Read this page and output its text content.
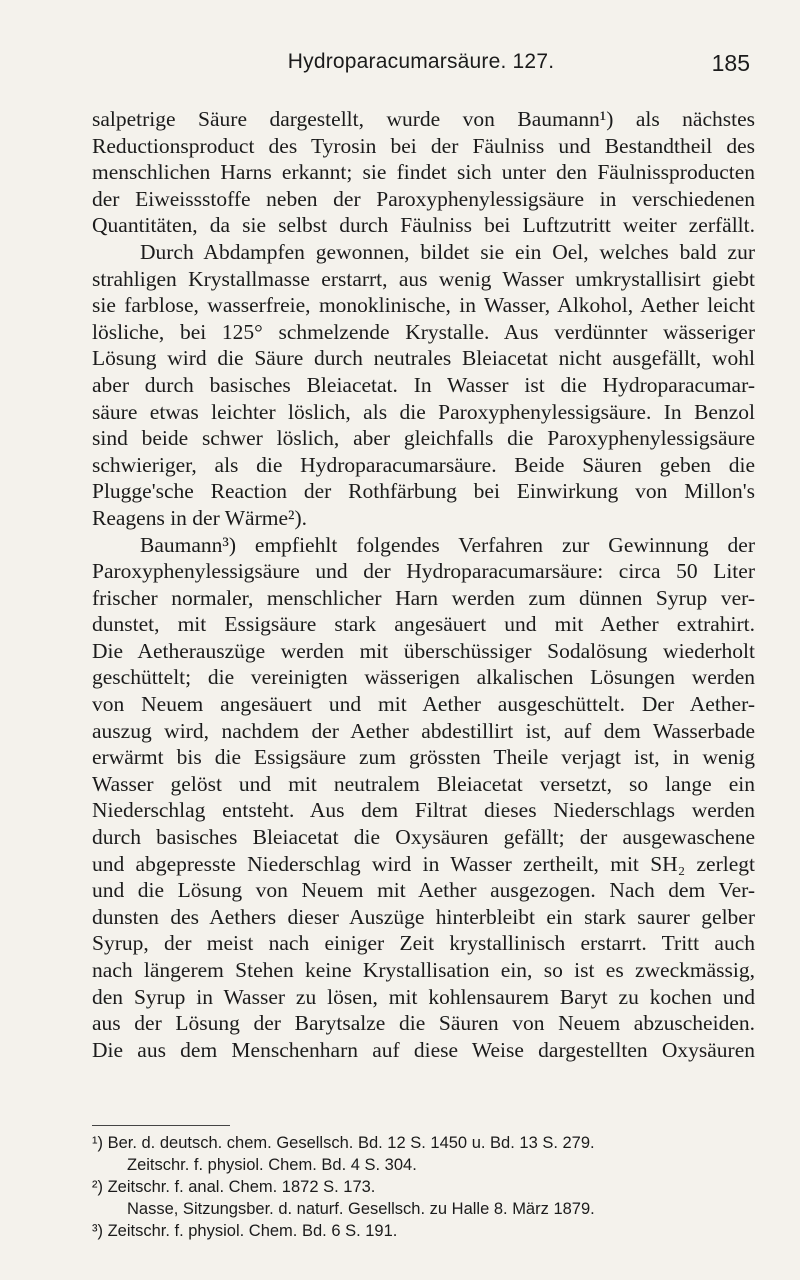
Hydroparacumarsäure. 127.	185
salpetrige Säure dargestellt, wurde von Baumann¹) als nächstes
Reductionsproduct des Tyrosin bei der Fäulniss und Bestandtheil des
menschlichen Harns erkannt; sie findet sich unter den Fäulnissproducten
der Eiweissstoffe neben der Paroxyphenylessigsäure in verschiedenen
Quantitäten, da sie selbst durch Fäulniss bei Luftzutritt weiter zerfällt.
Durch Abdampfen gewonnen, bildet sie ein Oel, welches bald zur
strahligen Krystallmasse erstarrt, aus wenig Wasser umkrystallisirt giebt
sie farblose, wasserfreie, monoklinische, in Wasser, Alkohol, Aether leicht
lösliche, bei 125° schmelzende Krystalle. Aus verdünnter wässeriger
Lösung wird die Säure durch neutrales Bleiacetat nicht ausgefällt, wohl
aber durch basisches Bleiacetat. In Wasser ist die Hydroparacumar-
säure etwas leichter löslich, als die Paroxyphenylessigsäure. In Benzol
sind beide schwer löslich, aber gleichfalls die Paroxyphenylessigsäure
schwieriger, als die Hydroparacumarsäure. Beide Säuren geben die
Plugge'sche Reaction der Rothfärbung bei Einwirkung von Millon's
Reagens in der Wärme²).
Baumann³) empfiehlt folgendes Verfahren zur Gewinnung der
Paroxyphenylessigsäure und der Hydroparacumarsäure: circa 50 Liter
frischer normaler, menschlicher Harn werden zum dünnen Syrup ver-
dunstet, mit Essigsäure stark angesäuert und mit Aether extrahirt.
Die Aetherauszüge werden mit überschüssiger Sodalösung wiederholt
geschüttelt; die vereinigten wässerigen alkalischen Lösungen werden
von Neuem angesäuert und mit Aether ausgeschüttelt. Der Aether-
auszug wird, nachdem der Aether abdestillirt ist, auf dem Wasserbade
erwärmt bis die Essigsäure zum grössten Theile verjagt ist, in wenig
Wasser gelöst und mit neutralem Bleiacetat versetzt, so lange ein
Niederschlag entsteht. Aus dem Filtrat dieses Niederschlags werden
durch basisches Bleiacetat die Oxysäuren gefällt; der ausgewaschene
und abgepresste Niederschlag wird in Wasser zertheilt, mit SH₂ zerlegt
und die Lösung von Neuem mit Aether ausgezogen. Nach dem Ver-
dunsten des Aethers dieser Auszüge hinterbleibt ein stark saurer gelber
Syrup, der meist nach einiger Zeit krystallinisch erstarrt. Tritt auch
nach längerem Stehen keine Krystallisation ein, so ist es zweckmässig,
den Syrup in Wasser zu lösen, mit kohlensaurem Baryt zu kochen und
aus der Lösung der Barytsalze die Säuren von Neuem abzuscheiden.
Die aus dem Menschenharn auf diese Weise dargestellten Oxysäuren
¹) Ber. d. deutsch. chem. Gesellsch. Bd. 12 S. 1450 u. Bd. 13 S. 279.
Zeitschr. f. physiol. Chem. Bd. 4 S. 304.
²) Zeitschr. f. anal. Chem. 1872 S. 173.
Nasse, Sitzungsber. d. naturf. Gesellsch. zu Halle 8. März 1879.
³) Zeitschr. f. physiol. Chem. Bd. 6 S. 191.
